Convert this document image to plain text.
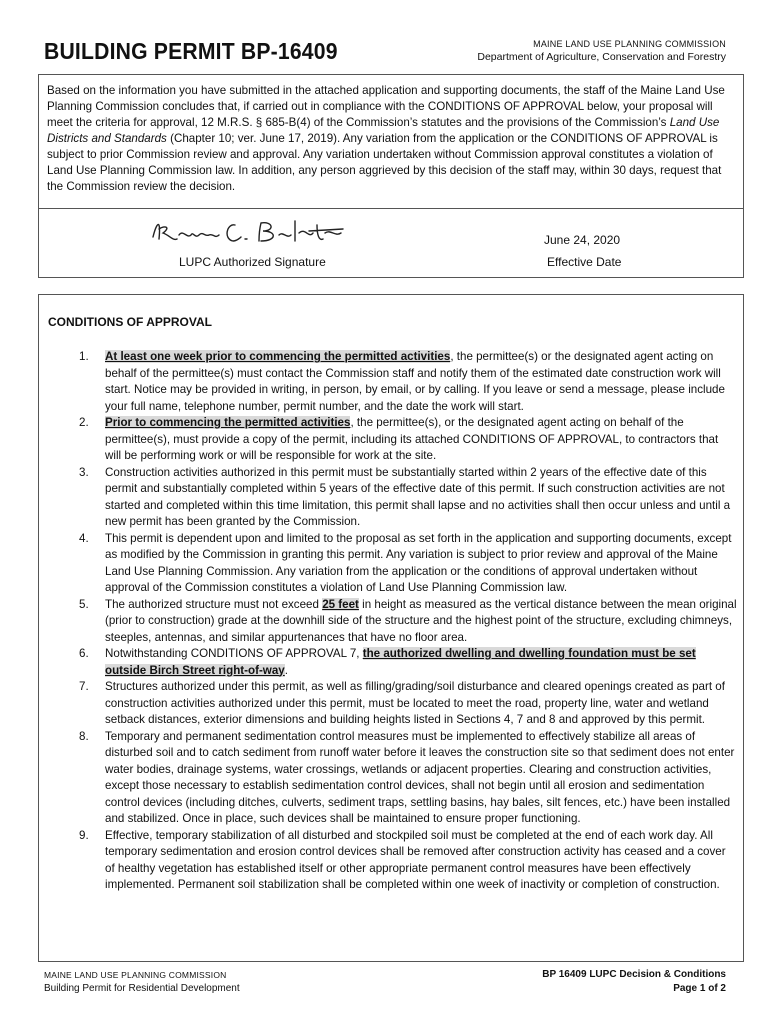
BUILDING PERMIT BP-16409	MAINE LAND USE PLANNING COMMISSION
Department of Agriculture, Conservation and Forestry
Based on the information you have submitted in the attached application and supporting documents, the staff of the Maine Land Use Planning Commission concludes that, if carried out in compliance with the CONDITIONS OF APPROVAL below, your proposal will meet the criteria for approval, 12 M.R.S. § 685-B(4) of the Commission’s statutes and the provisions of the Commission’s Land Use Districts and Standards (Chapter 10; ver. June 17, 2019). Any variation from the application or the CONDITIONS OF APPROVAL is subject to prior Commission review and approval. Any variation undertaken without Commission approval constitutes a violation of Land Use Planning Commission law. In addition, any person aggrieved by this decision of the staff may, within 30 days, request that the Commission review the decision.
June 24, 2020
LUPC Authorized Signature	Effective Date
CONDITIONS OF APPROVAL
1. At least one week prior to commencing the permitted activities, the permittee(s) or the designated agent acting on behalf of the permittee(s) must contact the Commission staff and notify them of the estimated date construction work will start. Notice may be provided in writing, in person, by email, or by calling. If you leave or send a message, please include your full name, telephone number, permit number, and the date the work will start.
2. Prior to commencing the permitted activities, the permittee(s), or the designated agent acting on behalf of the permittee(s), must provide a copy of the permit, including its attached CONDITIONS OF APPROVAL, to contractors that will be performing work or will be responsible for work at the site.
3. Construction activities authorized in this permit must be substantially started within 2 years of the effective date of this permit and substantially completed within 5 years of the effective date of this permit. If such construction activities are not started and completed within this time limitation, this permit shall lapse and no activities shall then occur unless and until a new permit has been granted by the Commission.
4. This permit is dependent upon and limited to the proposal as set forth in the application and supporting documents, except as modified by the Commission in granting this permit. Any variation is subject to prior review and approval of the Maine Land Use Planning Commission. Any variation from the application or the conditions of approval undertaken without approval of the Commission constitutes a violation of Land Use Planning Commission law.
5. The authorized structure must not exceed 25 feet in height as measured as the vertical distance between the mean original (prior to construction) grade at the downhill side of the structure and the highest point of the structure, excluding chimneys, steeples, antennas, and similar appurtenances that have no floor area.
6. Notwithstanding CONDITIONS OF APPROVAL 7, the authorized dwelling and dwelling foundation must be set outside Birch Street right-of-way.
7. Structures authorized under this permit, as well as filling/grading/soil disturbance and cleared openings created as part of construction activities authorized under this permit, must be located to meet the road, property line, water and wetland setback distances, exterior dimensions and building heights listed in Sections 4, 7 and 8 and approved by this permit.
8. Temporary and permanent sedimentation control measures must be implemented to effectively stabilize all areas of disturbed soil and to catch sediment from runoff water before it leaves the construction site so that sediment does not enter water bodies, drainage systems, water crossings, wetlands or adjacent properties. Clearing and construction activities, except those necessary to establish sedimentation control devices, shall not begin until all erosion and sedimentation control devices (including ditches, culverts, sediment traps, settling basins, hay bales, silt fences, etc.) have been installed and stabilized. Once in place, such devices shall be maintained to ensure proper functioning.
9. Effective, temporary stabilization of all disturbed and stockpiled soil must be completed at the end of each work day. All temporary sedimentation and erosion control devices shall be removed after construction activity has ceased and a cover of healthy vegetation has established itself or other appropriate permanent control measures have been effectively implemented. Permanent soil stabilization shall be completed within one week of inactivity or completion of construction.
MAINE LAND USE PLANNING COMMISSION
Building Permit for Residential Development
BP 16409 LUPC Decision & Conditions
Page 1 of 2
